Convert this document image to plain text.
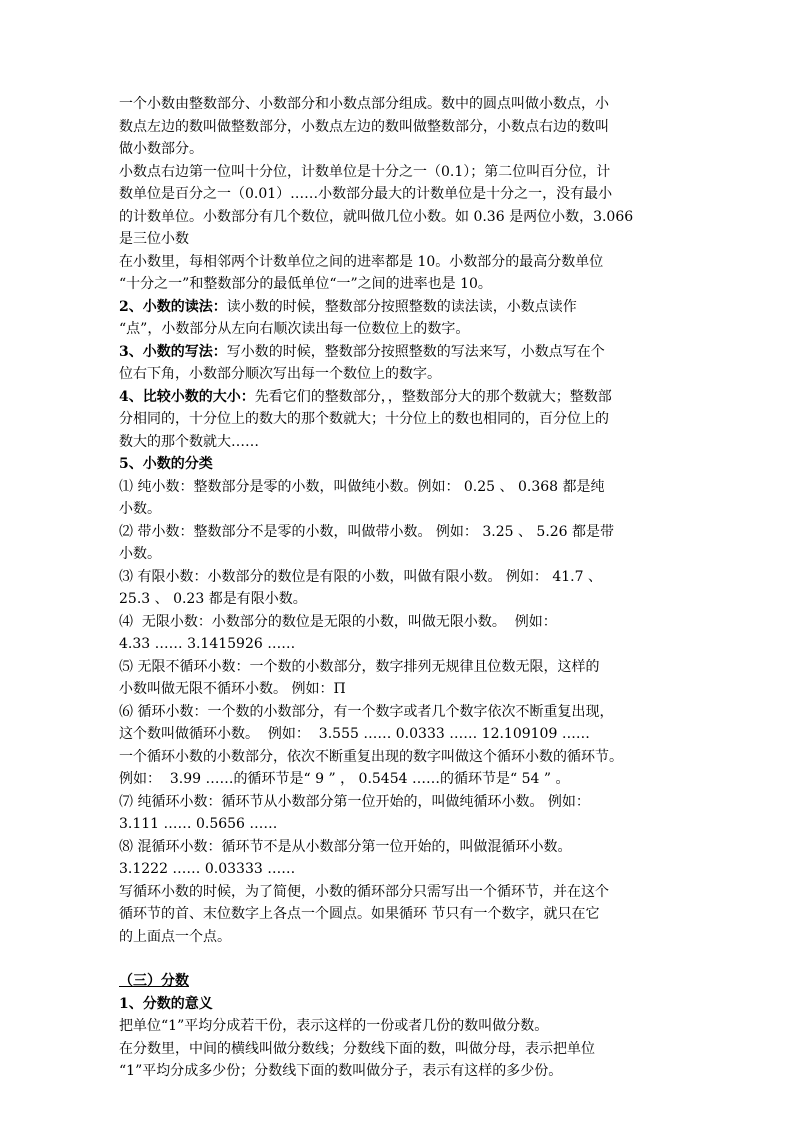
一个小数由整数部分、小数部分和小数点部分组成。数中的圆点叫做小数点，小
数点左边的数叫做整数部分，小数点左边的数叫做整数部分，小数点右边的数叫
做小数部分。
小数点右边第一位叫十分位，计数单位是十分之一（0.1）；第二位叫百分位，计
数单位是百分之一（0.01）……小数部分最大的计数单位是十分之一，没有最小
的计数单位。小数部分有几个数位，就叫做几位小数。如 0.36 是两位小数，3.066
是三位小数
在小数里，每相邻两个计数单位之间的进率都是 10。小数部分的最高分数单位
“十分之一”和整数部分的最低单位“一”之间的进率也是 10。
2、小数的读法：读小数的时候，整数部分按照整数的读法读，小数点读作
“点”，小数部分从左向右顺次读出每一位数位上的数字。
3、小数的写法：写小数的时候，整数部分按照整数的写法来写，小数点写在个
位右下角，小数部分顺次写出每一个数位上的数字。
4、比较小数的大小：先看它们的整数部分，，整数部分大的那个数就大；整数部
分相同的，十分位上的数大的那个数就大；十分位上的数也相同的，百分位上的
数大的那个数就大……
5、小数的分类
⑴ 纯小数：整数部分是零的小数，叫做纯小数。例如： 0.25 、 0.368 都是纯
小数。
⑵ 带小数：整数部分不是零的小数，叫做带小数。 例如： 3.25 、 5.26 都是带
小数。
⑶ 有限小数：小数部分的数位是有限的小数，叫做有限小数。 例如： 41.7 、
25.3 、 0.23 都是有限小数。
⑷  无限小数：小数部分的数位是无限的小数，叫做无限小数。  例如：
4.33 …… 3.1415926 ……
⑸ 无限不循环小数：一个数的小数部分，数字排列无规律且位数无限，这样的
小数叫做无限不循环小数。 例如：Π
⑹ 循环小数：一个数的小数部分，有一个数字或者几个数字依次不断重复出现，
这个数叫做循环小数。  例如：  3.555 …… 0.0333 …… 12.109109 ……
一个循环小数的小数部分，依次不断重复出现的数字叫做这个循环小数的循环节。
例如：  3.99 ……的循环节是“ 9 ” ， 0.5454 ……的循环节是“ 54 ” 。
⑺ 纯循环小数：循环节从小数部分第一位开始的，叫做纯循环小数。 例如：
3.111 …… 0.5656 ……
⑻ 混循环小数：循环节不是从小数部分第一位开始的，叫做混循环小数。
3.1222 …… 0.03333 ……
写循环小数的时候，为了简便，小数的循环部分只需写出一个循环节，并在这个
循环节的首、末位数字上各点一个圆点。如果循环 节只有一个数字，就只在它
的上面点一个点。
（三）分数
1、分数的意义
把单位“1”平均分成若干份，表示这样的一份或者几份的数叫做分数。
在分数里，中间的横线叫做分数线；分数线下面的数，叫做分母，表示把单位
“1”平均分成多少份；分数线下面的数叫做分子，表示有这样的多少份。
